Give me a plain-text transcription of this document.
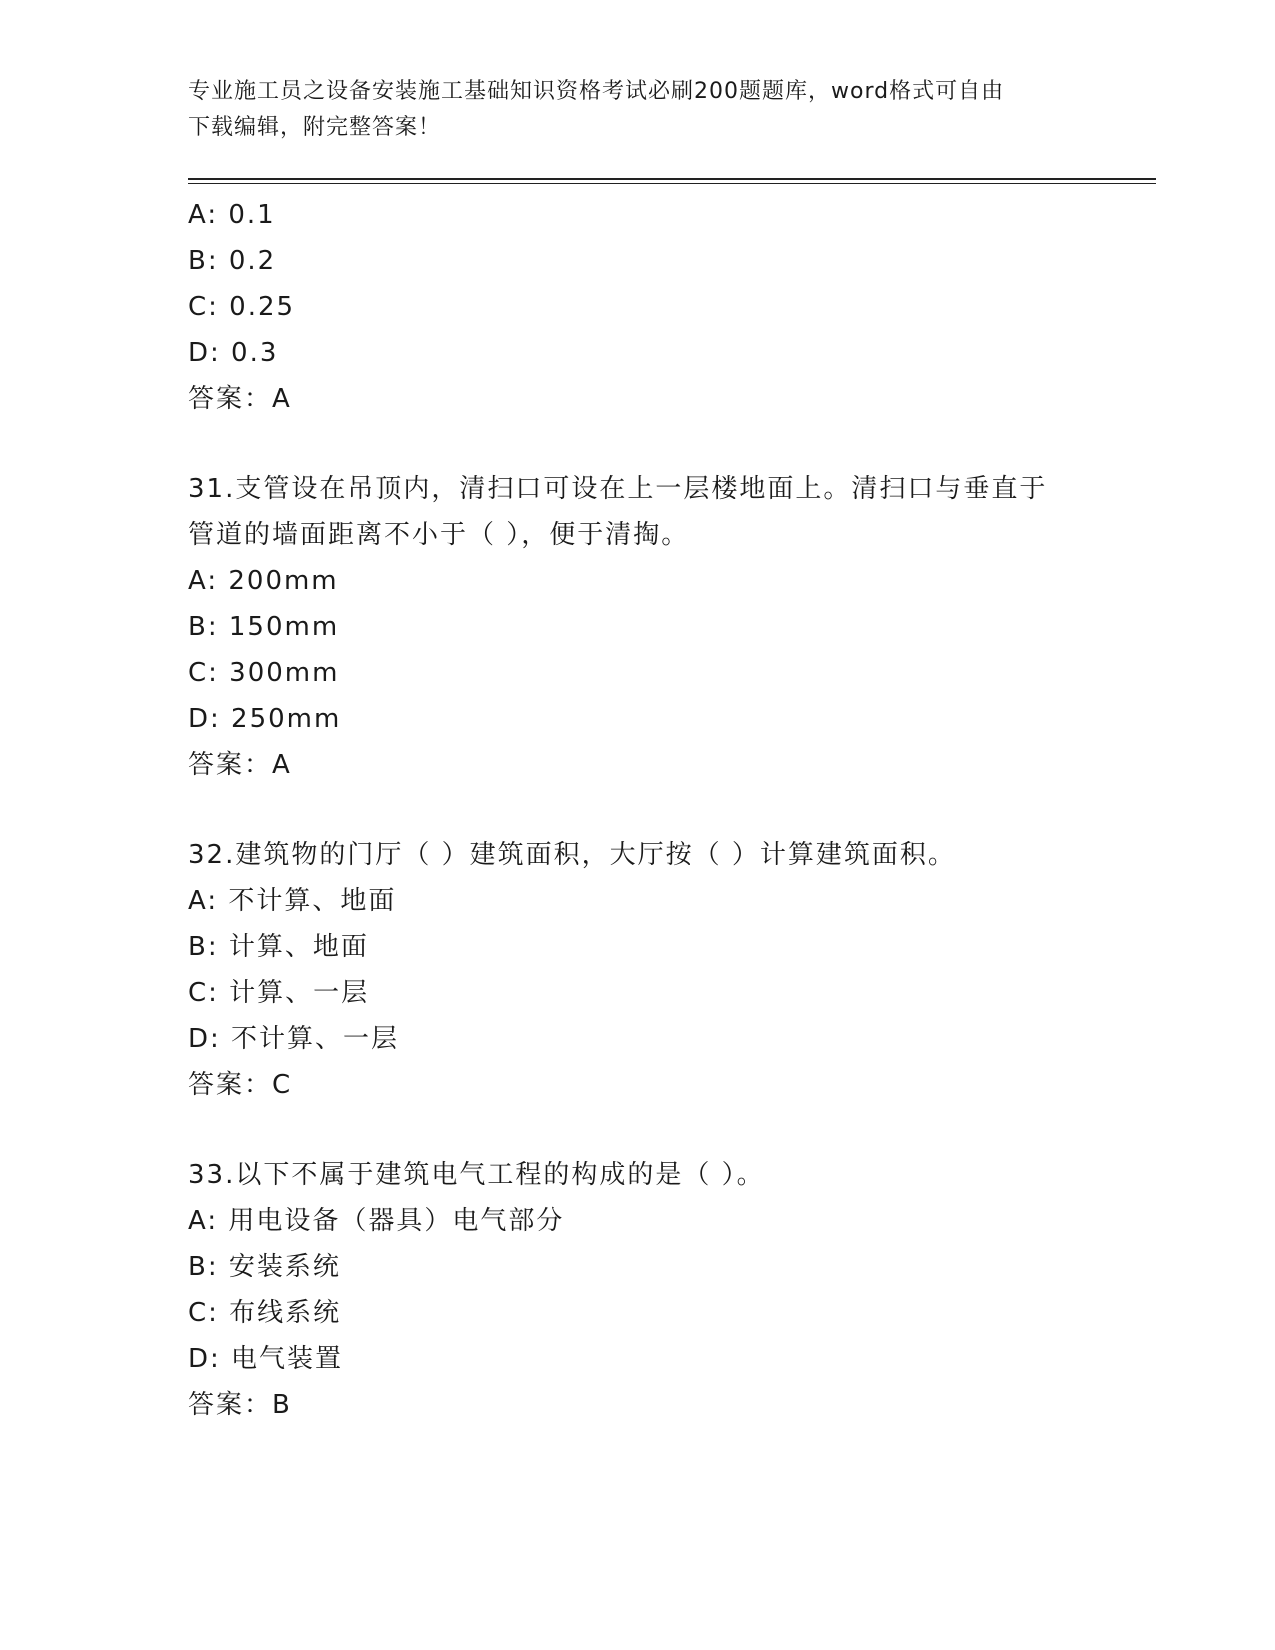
专业施工员之设备安装施工基础知识资格考试必刷200题题库，word格式可自由
下载编辑，附完整答案！
A: 0.1
B: 0.2
C: 0.25
D: 0.3
答案：A
31.支管设在吊顶内，清扫口可设在上一层楼地面上。清扫口与垂直于
管道的墙面距离不小于（ ），便于清掏。
A: 200mm
B: 150mm
C: 300mm
D: 250mm
答案：A
32.建筑物的门厅（ ）建筑面积，大厅按（ ）计算建筑面积。
A: 不计算、地面
B: 计算、地面
C: 计算、一层
D: 不计算、一层
答案：C
33.以下不属于建筑电气工程的构成的是（ ）。
A: 用电设备（器具）电气部分
B: 安装系统
C: 布线系统
D: 电气装置
答案：B
